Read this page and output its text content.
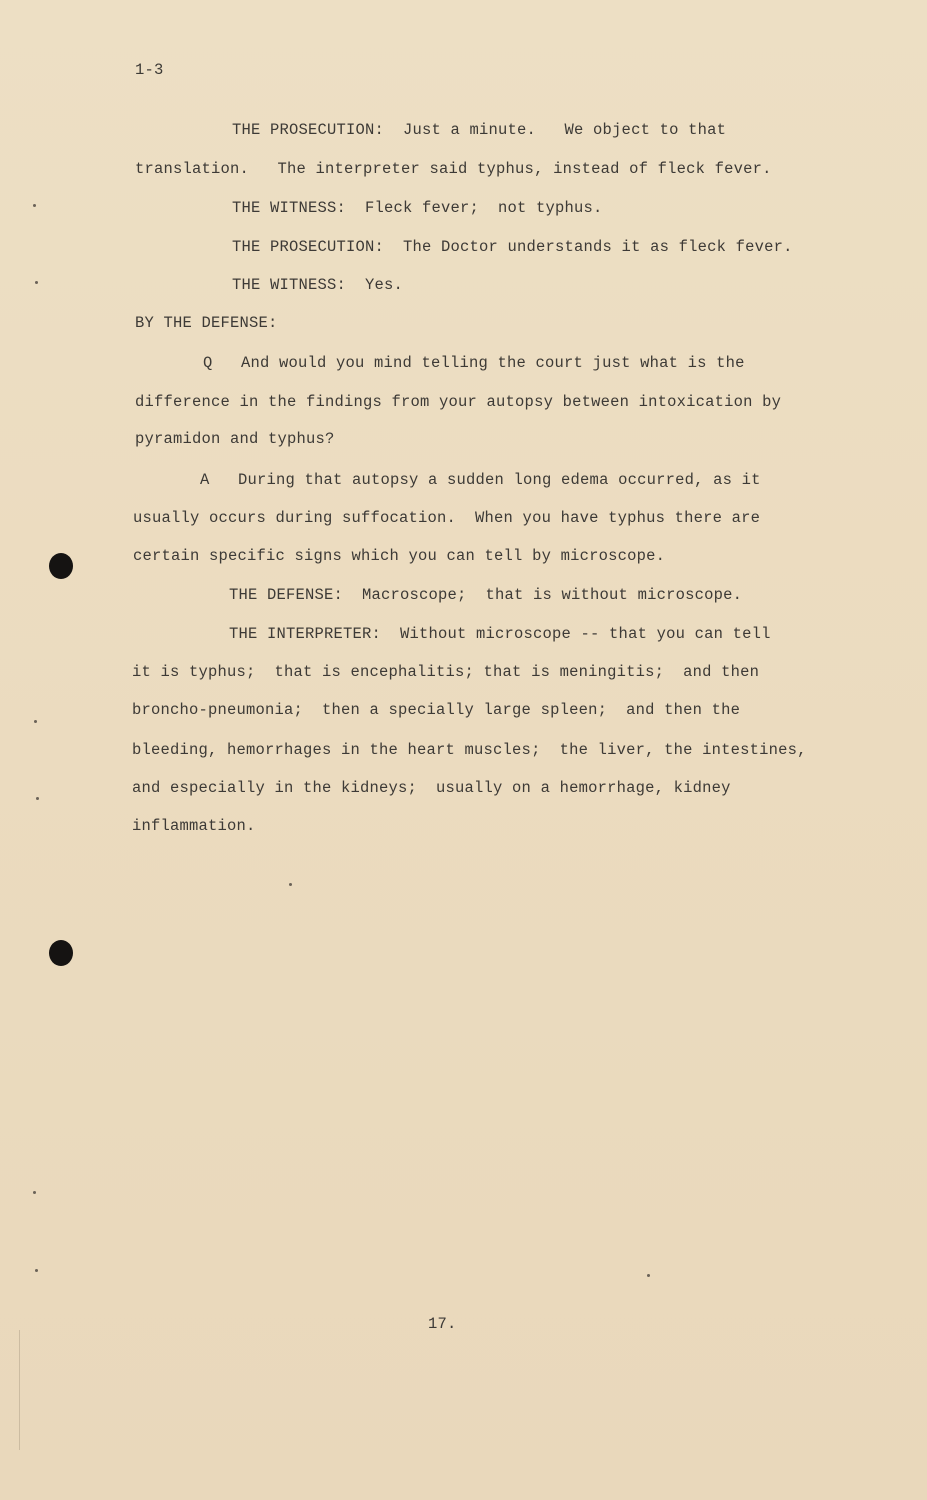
1-3
THE PROSECUTION:  Just a minute.   We object to that
translation.   The interpreter said typhus, instead of fleck fever.
THE WITNESS:  Fleck fever;  not typhus.
THE PROSECUTION:  The Doctor understands it as fleck fever.
THE WITNESS:  Yes.
BY THE DEFENSE:
Q   And would you mind telling the court just what is the
difference in the findings from your autopsy between intoxication by
pyramidon and typhus?
A   During that autopsy a sudden long edema occurred, as it
usually occurs during suffocation.  When you have typhus there are
certain specific signs which you can tell by microscope.
THE DEFENSE:  Macroscope;  that is without microscope.
THE INTERPRETER:  Without microscope -- that you can tell
it is typhus;  that is encephalitis; that is meningitis;  and then
broncho-pneumonia;  then a specially large spleen;  and then the
bleeding, hemorrhages in the heart muscles;  the liver, the intestines,
and especially in the kidneys;  usually on a hemorrhage, kidney
inflammation.
17.
